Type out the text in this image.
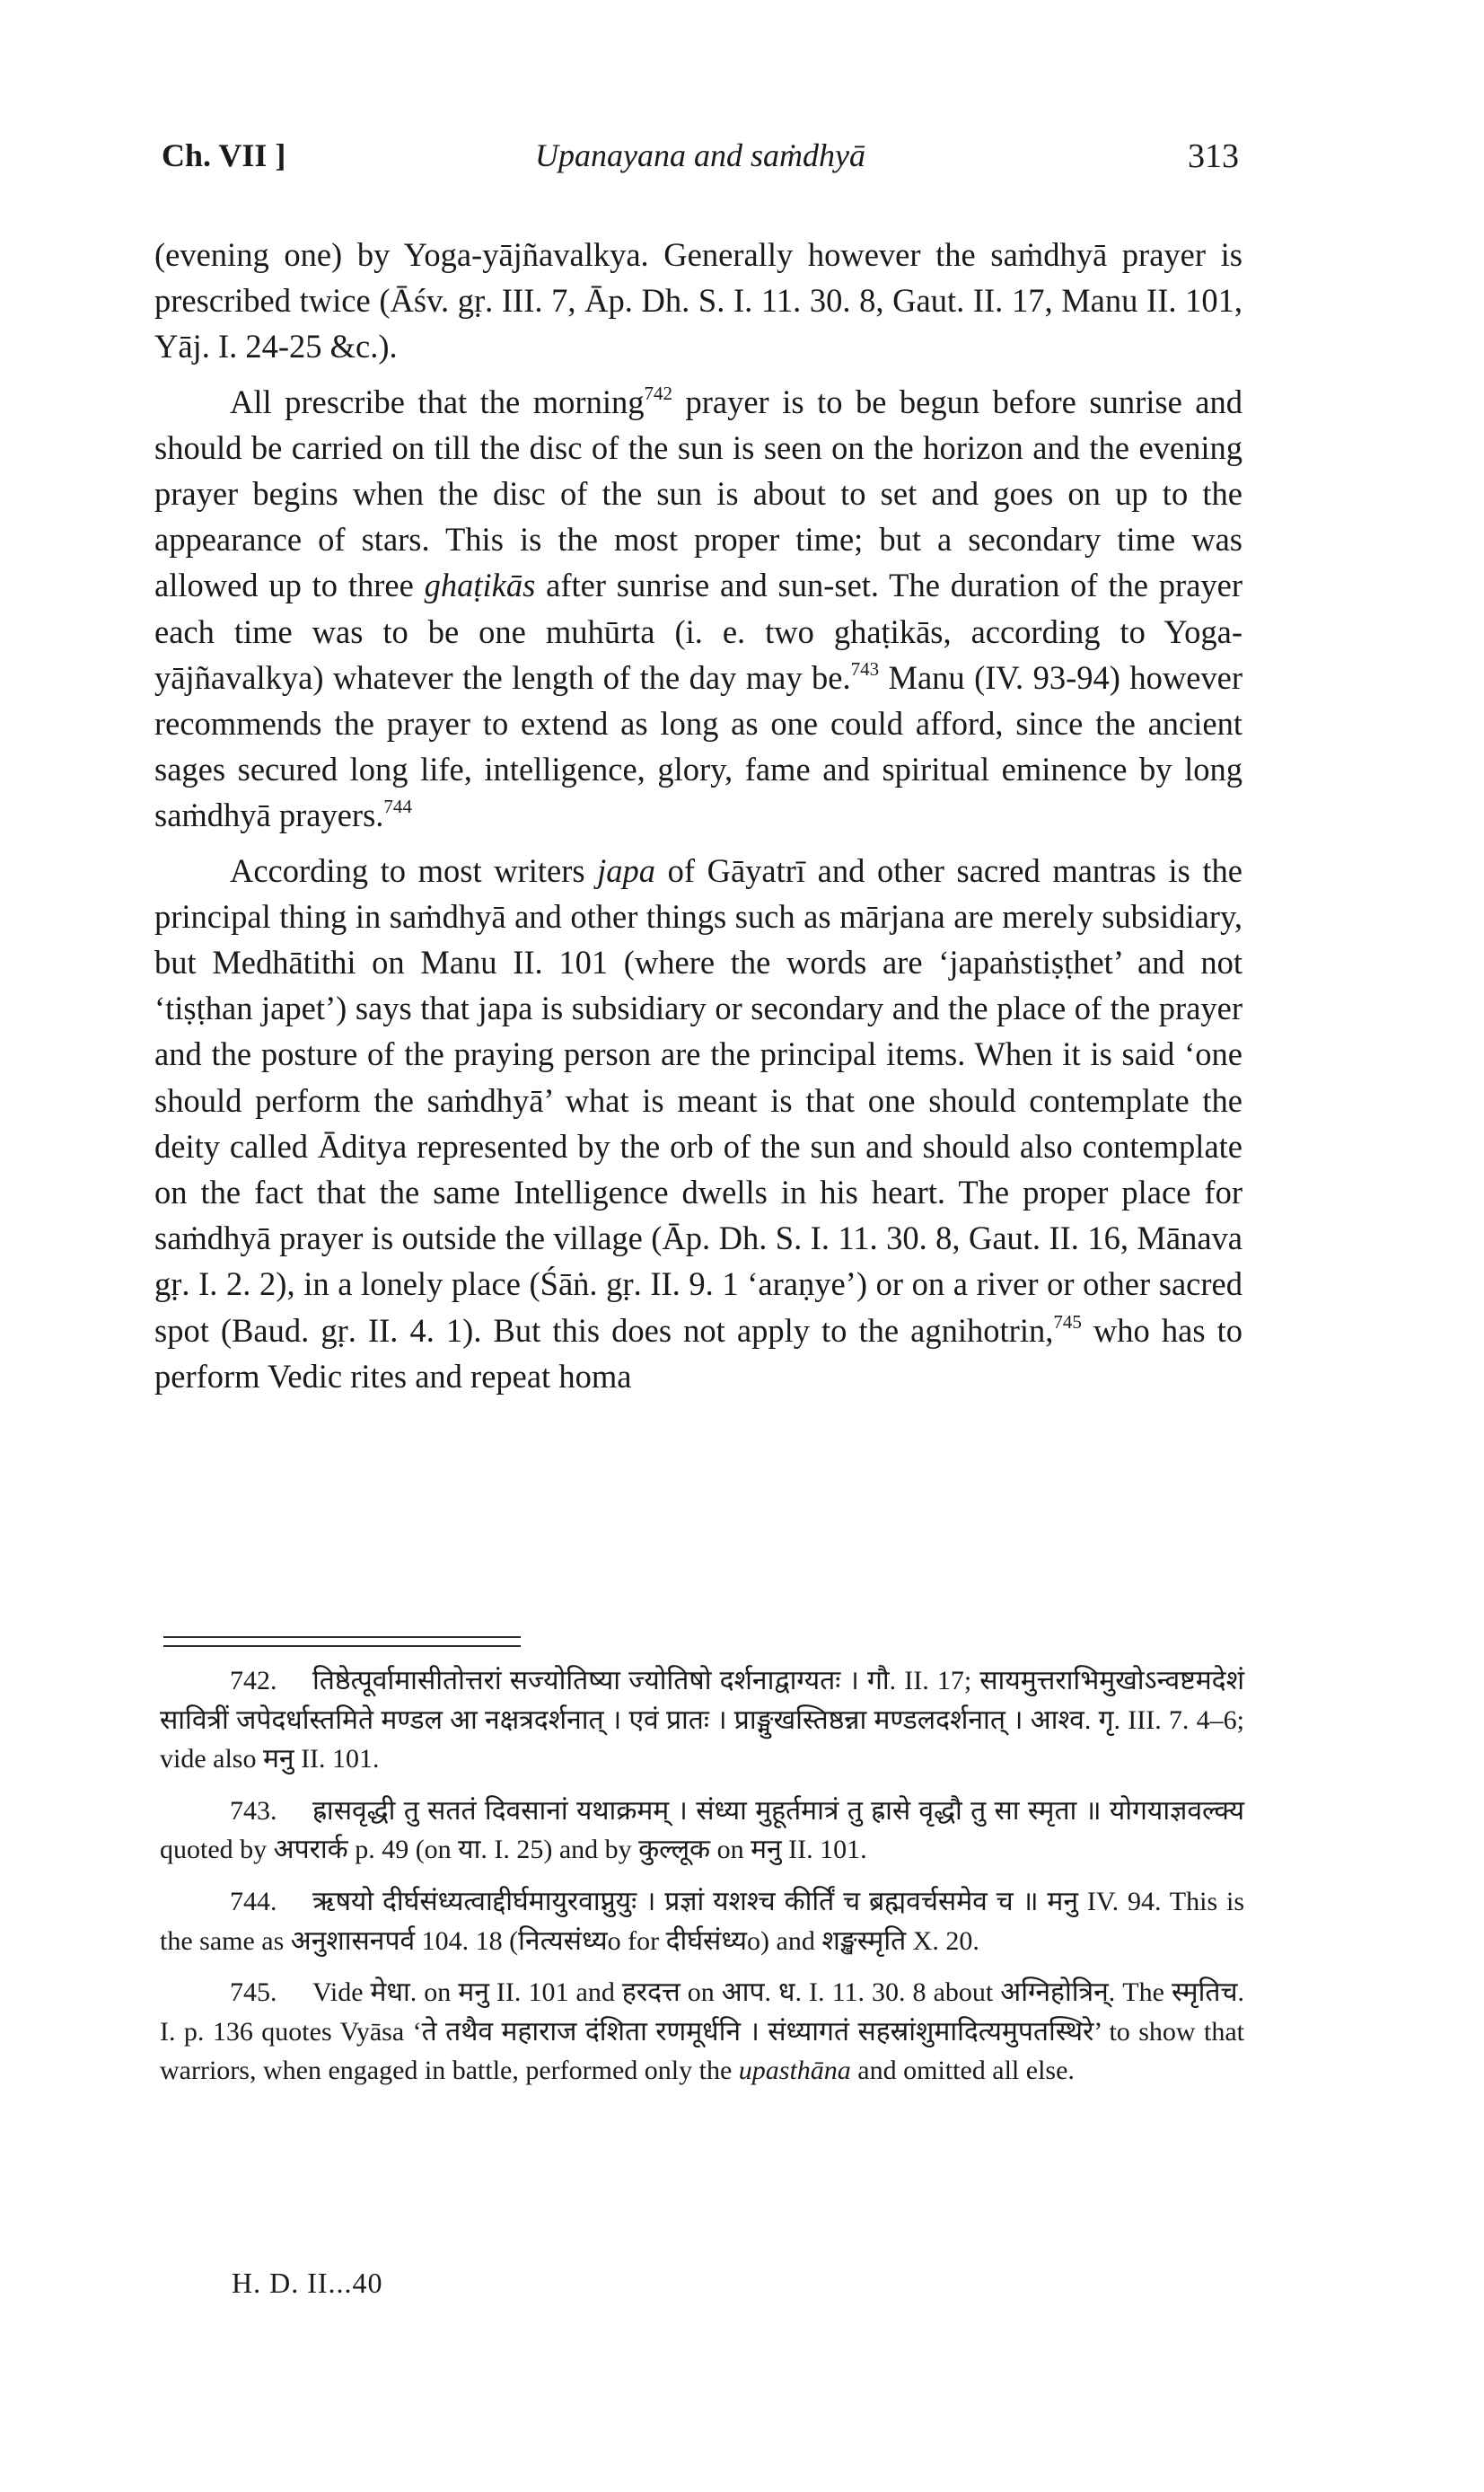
Upanayana and saṁdhyā
Ch. VII ]	313

(evening one) by Yoga-yājñavalkya. Generally however the saṁdhyā prayer is prescribed twice (Āśv. gṛ. III. 7, Āp. Dh. S. I. 11. 30. 8, Gaut. II. 17, Manu II. 101, Yāj. I. 24-25 &c.).

All prescribe that the morning$^{742}$ prayer is to be begun before sunrise and should be carried on till the disc of the sun is seen on the horizon and the evening prayer begins when the disc of the sun is about to set and goes on up to the appearance of stars. This is the most proper time; but a secondary time was allowed up to three ghaṭikās after sunrise and sun-set. The duration of the prayer each time was to be one muhūrta (i. e. two ghaṭikās, according to Yoga-yājñavalkya) whatever the length of the day may be.$^{743}$ Manu (IV. 93-94) however recommends the prayer to extend as long as one could afford, since the ancient sages secured long life, intelligence, glory, fame and spiritual eminence by long saṁdhyā prayers.$^{744}$

According to most writers japa of Gāyatrī and other sacred mantras is the principal thing in saṁdhyā and other things such as mārjana are merely subsidiary, but Medhātithi on Manu II. 101 (where the words are ‘japaṅstiṣṭhet’ and not ‘tiṣṭhan japet’) says that japa is subsidiary or secondary and the place of the prayer and the posture of the praying person are the principal items. When it is said ‘one should perform the saṁdhyā’ what is meant is that one should contemplate the deity called Āditya represented by the orb of the sun and should also contemplate on the fact that the same Intelligence dwells in his heart. The proper place for saṁdhyā prayer is outside the village (Āp. Dh. S. I. 11. 30. 8, Gaut. II. 16, Mānava gṛ. I. 2. 2), in a lonely place (Śāṅ. gṛ. II. 9. 1 ‘araṇye’) or on a river or other sacred spot (Baud. gṛ. II. 4. 1). But this does not apply to the agnihotrin,$^{745}$ who has to perform Vedic rites and repeat homa

742. तिष्ठेत्पूर्वामासीतोत्तरां सज्योतिष्या ज्योतिषो दर्शनाद्वाग्यतः । गौ. II. 17; सायमुत्तराभिमुखोऽन्वष्टमदेशं सावित्रीं जपेदर्धास्तमिते मण्डल आ नक्षत्रदर्शनात् । एवं प्रातः । प्राङ्मुखस्तिष्ठन्ना मण्डलदर्शनात् । आश्व. गृ. III. 7. 4–6; vide also मनु II. 101.

743. ह्रासवृद्धी तु सततं दिवसानां यथाक्रमम् । संध्या मुहूर्तमात्रं तु ह्रासे वृद्धौ तु सा स्मृता ॥ योगयाज्ञवल्क्य quoted by अपरार्क p. 49 (on या. I. 25) and by कुल्लूक on मनु II. 101.

744. ऋषयो दीर्घसंध्यत्वाद्दीर्घमायुरवाप्नुयुः । प्रज्ञां यशश्च कीर्तिं च ब्रह्मवर्चसमेव च ॥ मनु IV. 94. This is the same as अनुशासनपर्व 104. 18 (नित्यसंध्यo for दीर्घसंध्यo) and शङ्खस्मृति X. 20.

745. Vide मेधा. on मनु II. 101 and हरदत्त on आप. ध. I. 11. 30. 8 about अग्निहोत्रिन्. The स्मृतिच. I. p. 136 quotes Vyāsa ‘ते तथैव महाराज दंशिता रणमूर्धनि । संध्यागतं सहस्रांशुमादित्यमुपतस्थिरे’ to show that warriors, when engaged in battle, performed only the upasthāna and omitted all else.

H. D. II...40
